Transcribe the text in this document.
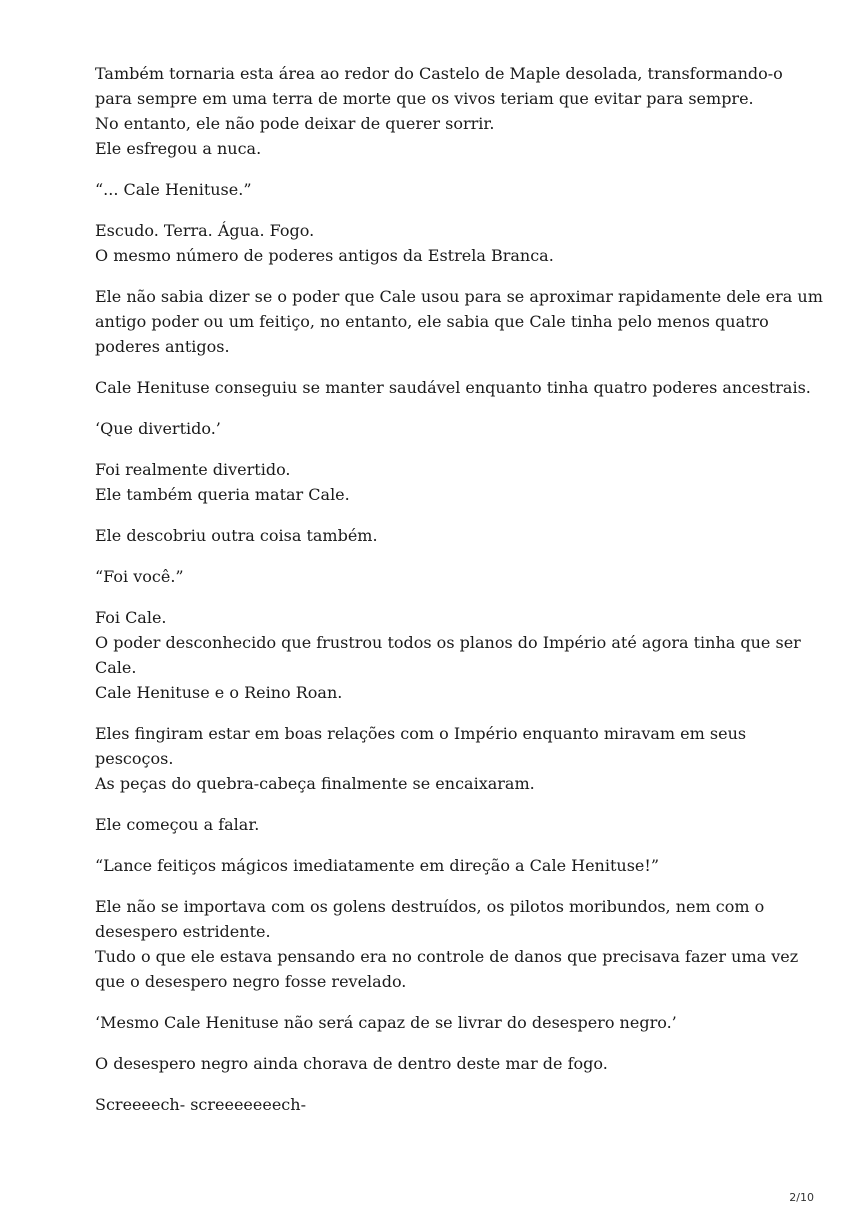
Também tornaria esta área ao redor do Castelo de Maple desolada, transformando-o
para sempre em uma terra de morte que os vivos teriam que evitar para sempre.
No entanto, ele não pode deixar de querer sorrir.
Ele esfregou a nuca.

“... Cale Henituse.”

Escudo. Terra. Água. Fogo.
O mesmo número de poderes antigos da Estrela Branca.

Ele não sabia dizer se o poder que Cale usou para se aproximar rapidamente dele era um
antigo poder ou um feitiço, no entanto, ele sabia que Cale tinha pelo menos quatro
poderes antigos.

Cale Henituse conseguiu se manter saudável enquanto tinha quatro poderes ancestrais.

‘Que divertido.’

Foi realmente divertido.
Ele também queria matar Cale.

Ele descobriu outra coisa também.

“Foi você.”

Foi Cale.
O poder desconhecido que frustrou todos os planos do Império até agora tinha que ser
Cale.
Cale Henituse e o Reino Roan.

Eles fingiram estar em boas relações com o Império enquanto miravam em seus
pescoços.
As peças do quebra-cabeça finalmente se encaixaram.

Ele começou a falar.

“Lance feitiços mágicos imediatamente em direção a Cale Henituse!”

Ele não se importava com os golens destruídos, os pilotos moribundos, nem com o
desespero estridente.
Tudo o que ele estava pensando era no controle de danos que precisava fazer uma vez
que o desespero negro fosse revelado.

‘Mesmo Cale Henituse não será capaz de se livrar do desespero negro.’

O desespero negro ainda chorava de dentro deste mar de fogo.

Screeeech- screeeeeeech-

2/10
